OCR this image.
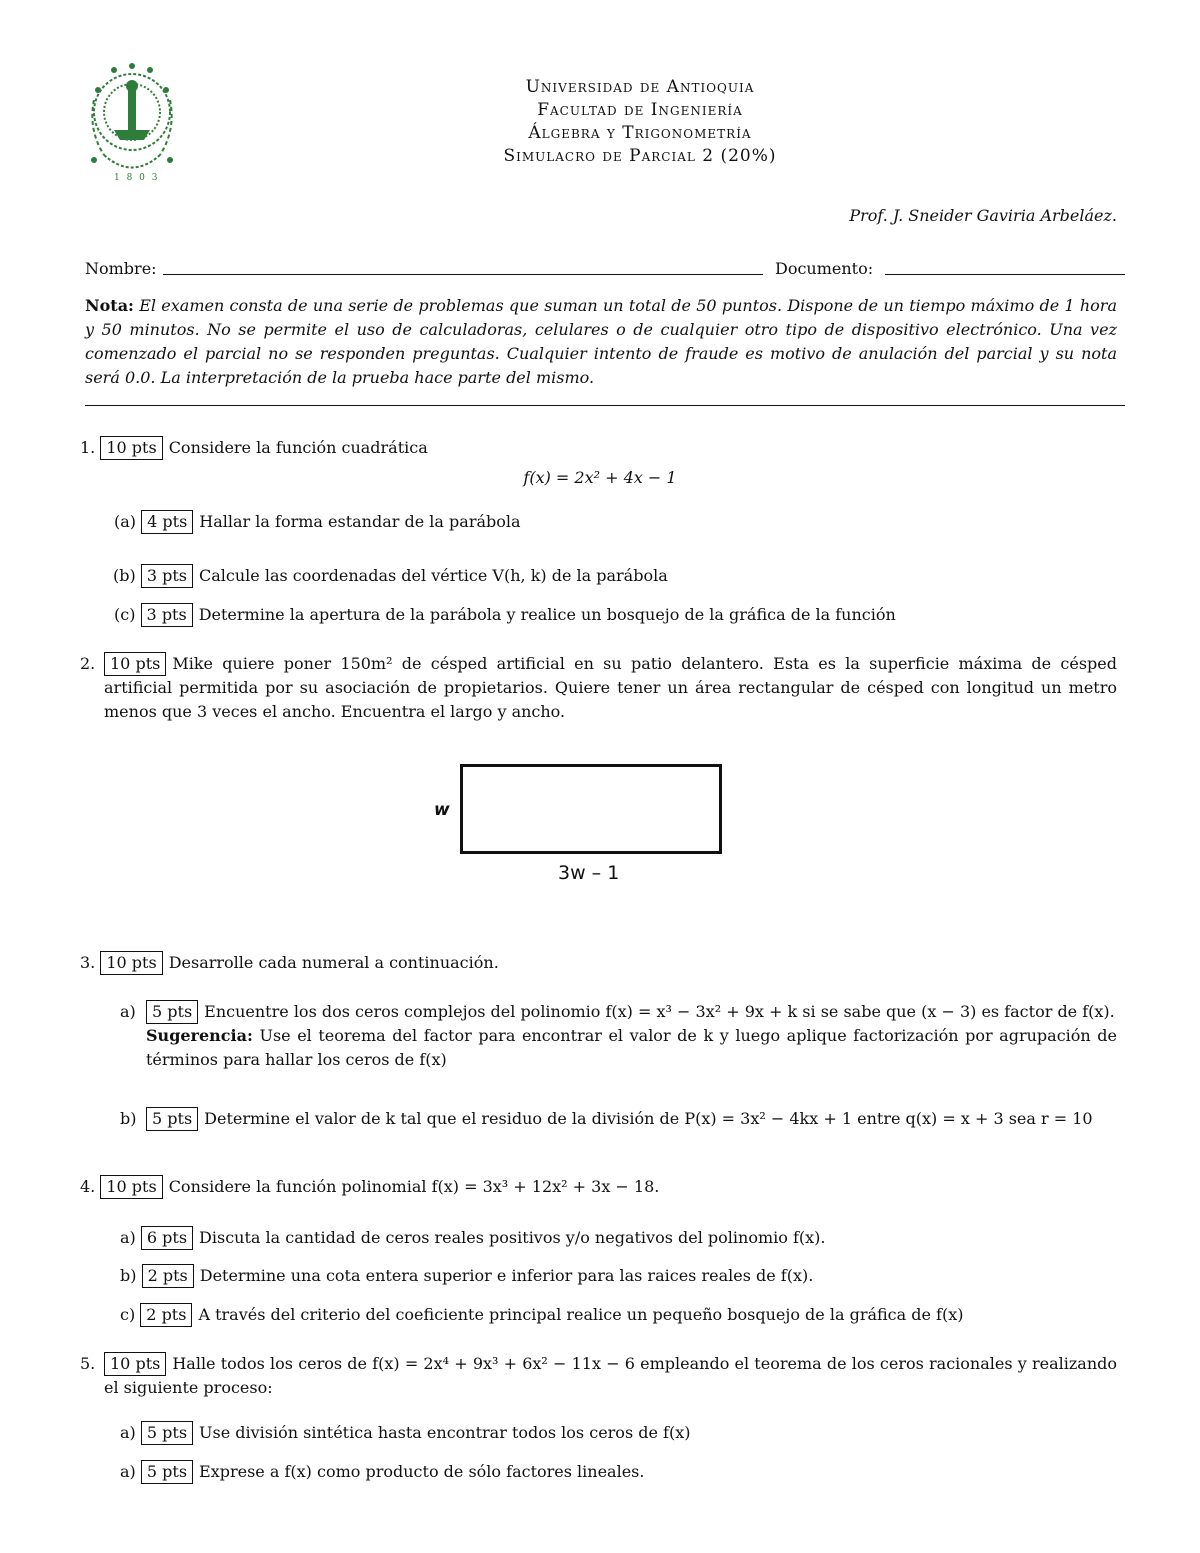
1 8 0 3
Universidad de Antioquia
Facultad de Ingeniería
Álgebra y Trigonometría
Simulacro de Parcial 2 (20%)
Prof. J. Sneider Gaviria Arbeláez.
Nombre:	Documento:
Nota: El examen consta de una serie de problemas que suman un total de 50 puntos. Dispone de un tiempo máximo de 1 hora y 50 minutos. No se permite el uso de calculadoras, celulares o de cualquier otro tipo de dispositivo electrónico. Una vez comenzado el parcial no se responden preguntas. Cualquier intento de fraude es motivo de anulación del parcial y su nota será 0.0. La interpretación de la prueba hace parte del mismo.
1. 10 pts Considere la función cuadrática
f(x) = 2x² + 4x − 1
(a) 4 pts Hallar la forma estandar de la parábola
(b) 3 pts Calcule las coordenadas del vértice V(h, k) de la parábola
(c) 3 pts Determine la apertura de la parábola y realice un bosquejo de la gráfica de la función
2. 10 pts Mike quiere poner 150m² de césped artificial en su patio delantero. Esta es la superficie máxima de césped artificial permitida por su asociación de propietarios. Quiere tener un área rectangular de césped con longitud un metro menos que 3 veces el ancho. Encuentra el largo y ancho.
w
3w – 1
3. 10 pts Desarrolle cada numeral a continuación.
a)	5 pts Encuentre los dos ceros complejos del polinomio f(x) = x³ − 3x² + 9x + k si se sabe que (x − 3) es factor de f(x).
Sugerencia: Use el teorema del factor para encontrar el valor de k y luego aplique factorización por agrupación de términos para hallar los ceros de f(x)
b) 5 pts Determine el valor de k tal que el residuo de la división de P(x) = 3x² − 4kx + 1 entre q(x) = x + 3 sea r = 10
4. 10 pts Considere la función polinomial f(x) = 3x³ + 12x² + 3x − 18.
a) 6 pts Discuta la cantidad de ceros reales positivos y/o negativos del polinomio f(x).
b) 2 pts Determine una cota entera superior e inferior para las raices reales de f(x).
c) 2 pts A través del criterio del coeficiente principal realice un pequeño bosquejo de la gráfica de f(x)
5. 10 pts Halle todos los ceros de f(x) = 2x⁴ + 9x³ + 6x² − 11x − 6 empleando el teorema de los ceros racionales y realizando el siguiente proceso:
a) 5 pts Use división sintética hasta encontrar todos los ceros de f(x)
a) 5 pts Exprese a f(x) como producto de sólo factores lineales.
